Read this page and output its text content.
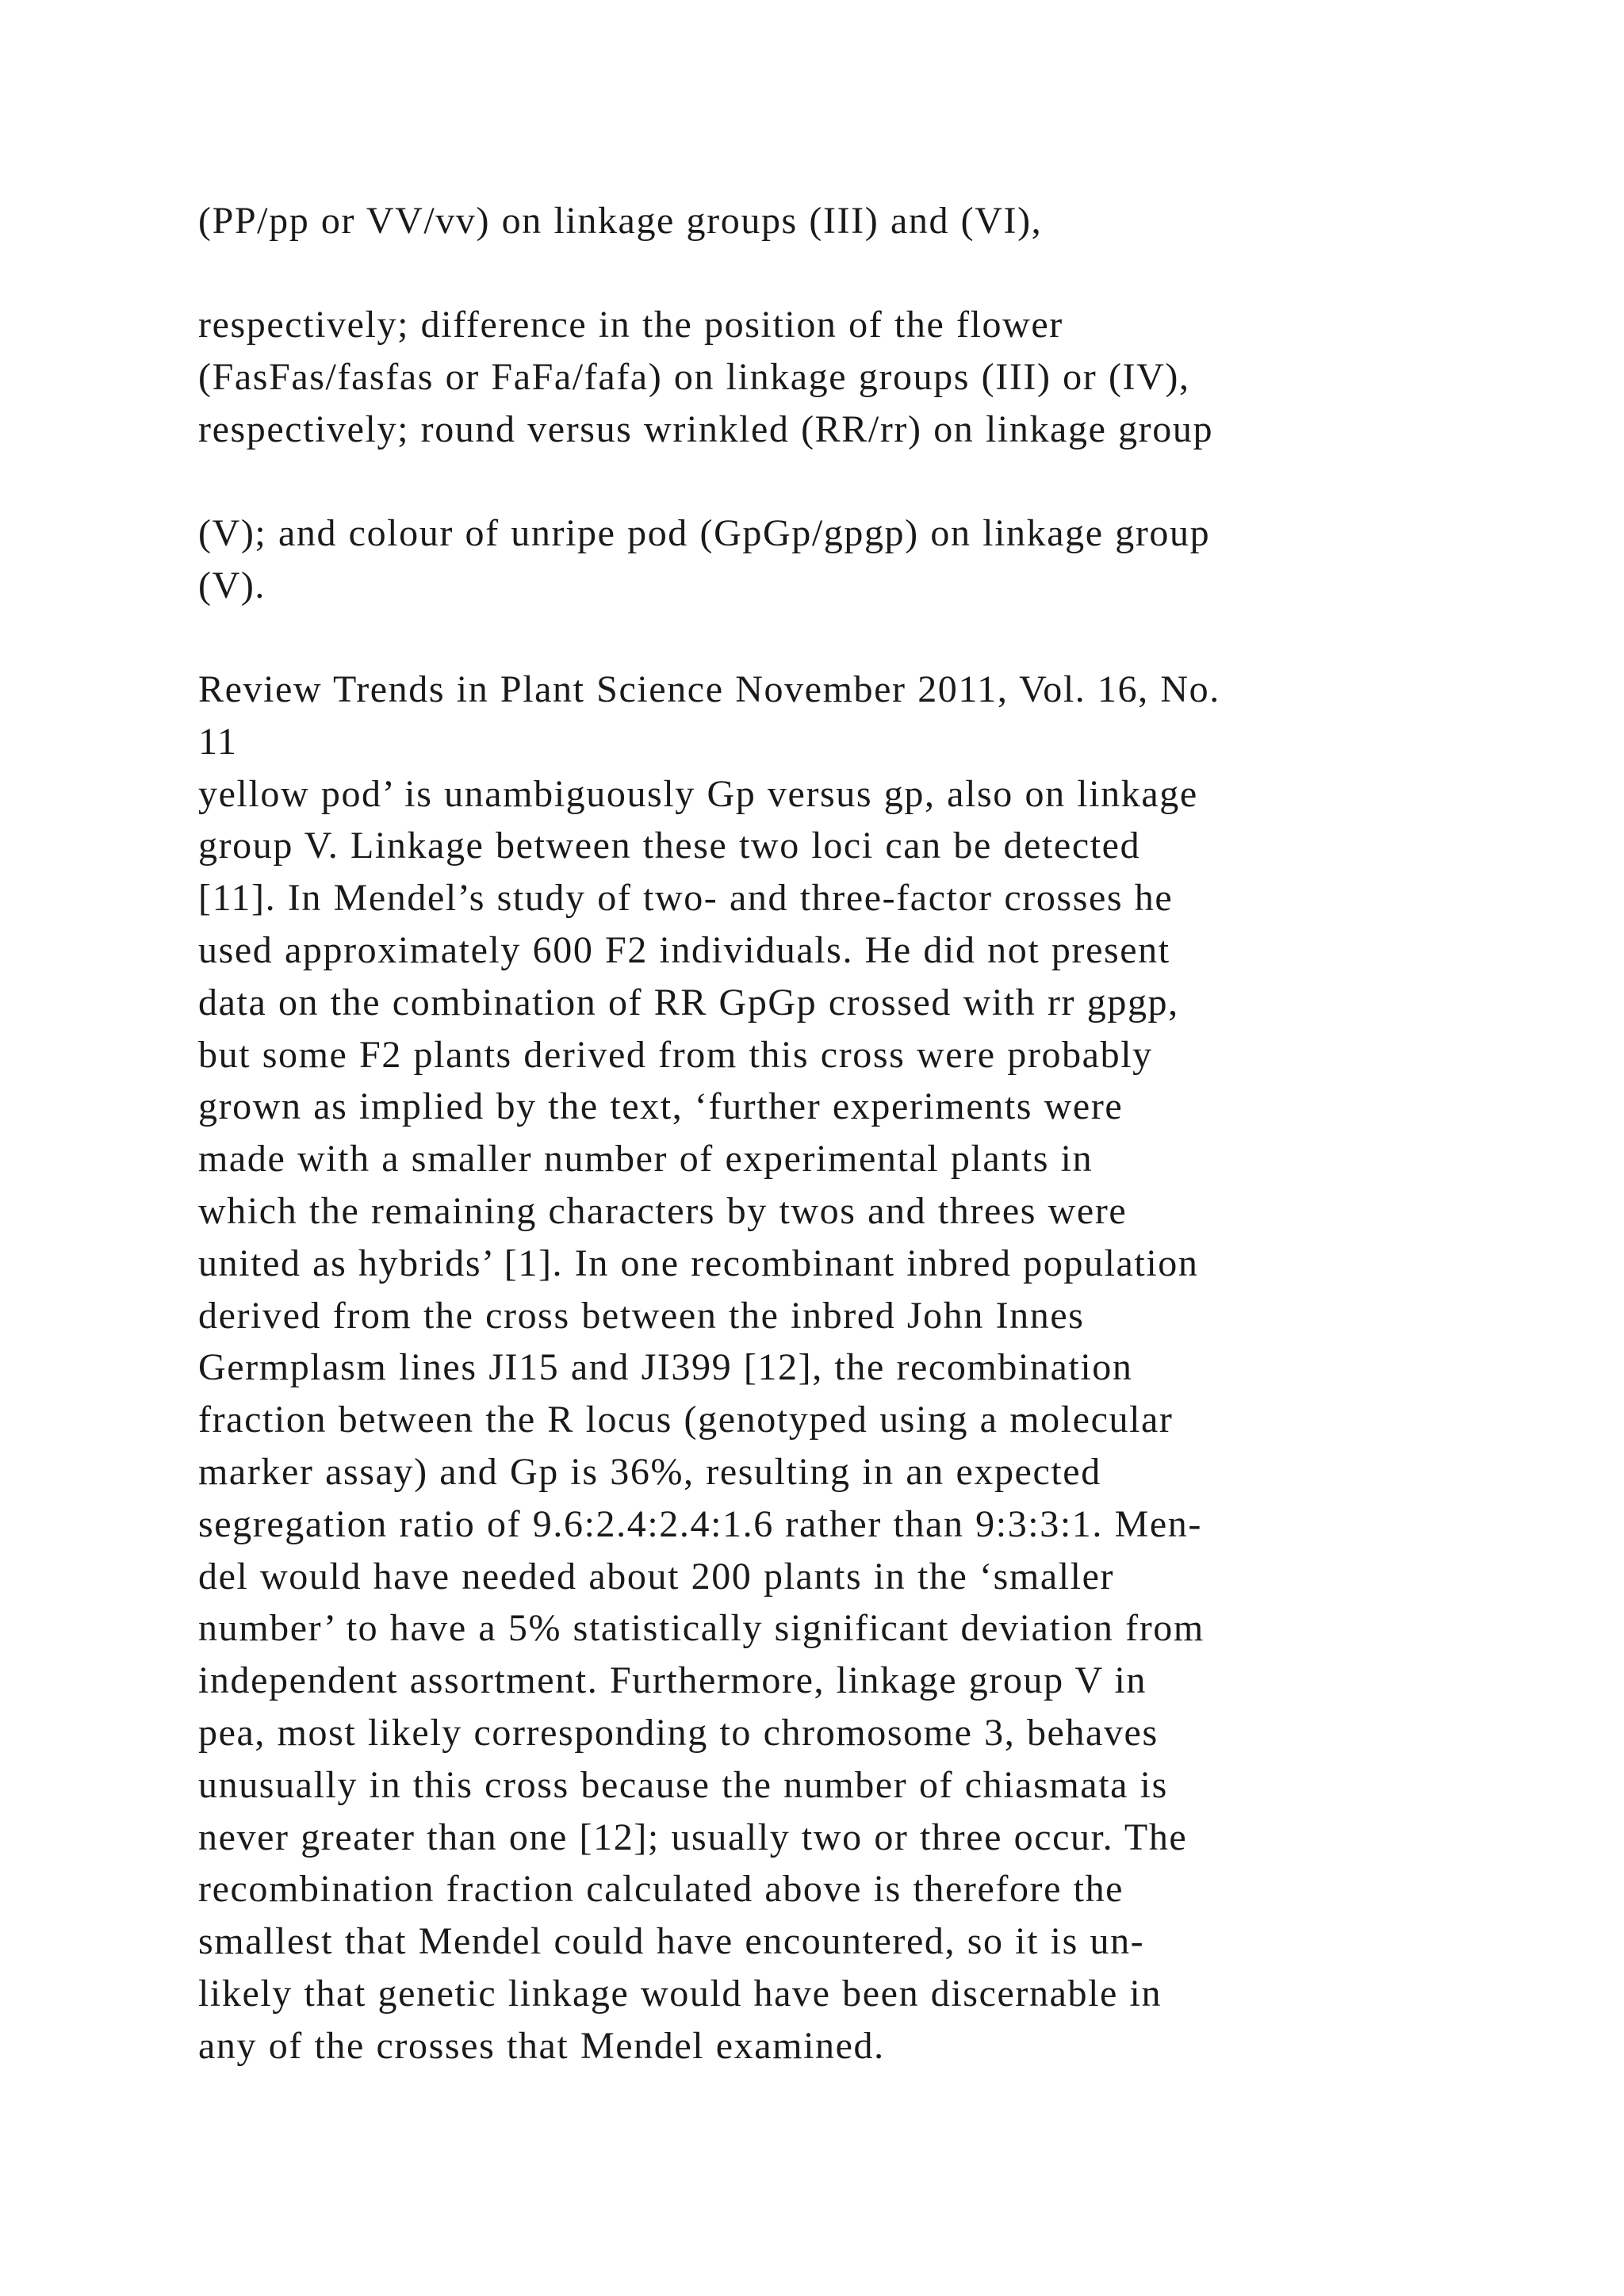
(PP/pp or VV/vv) on linkage groups (III) and (VI),

respectively; difference in the position of the flower
(FasFas/fasfas or FaFa/fafa) on linkage groups (III) or (IV),
respectively; round versus wrinkled (RR/rr) on linkage group

(V); and colour of unripe pod (GpGp/gpgp) on linkage group
(V).

Review Trends in Plant Science November 2011, Vol. 16, No.
11
yellow pod’ is unambiguously Gp versus gp, also on linkage
group V. Linkage between these two loci can be detected
[11]. In Mendel’s study of two- and three-factor crosses he
used approximately 600 F2 individuals. He did not present
data on the combination of RR GpGp crossed with rr gpgp,
but some F2 plants derived from this cross were probably
grown as implied by the text, ‘further experiments were
made with a smaller number of experimental plants in
which the remaining characters by twos and threes were
united as hybrids’ [1]. In one recombinant inbred population
derived from the cross between the inbred John Innes
Germplasm lines JI15 and JI399 [12], the recombination
fraction between the R locus (genotyped using a molecular
marker assay) and Gp is 36%, resulting in an expected
segregation ratio of 9.6:2.4:2.4:1.6 rather than 9:3:3:1. Men-
del would have needed about 200 plants in the ‘smaller
number’ to have a 5% statistically significant deviation from
independent assortment. Furthermore, linkage group V in
pea, most likely corresponding to chromosome 3, behaves
unusually in this cross because the number of chiasmata is
never greater than one [12]; usually two or three occur. The
recombination fraction calculated above is therefore the
smallest that Mendel could have encountered, so it is un-
likely that genetic linkage would have been discernable in
any of the crosses that Mendel examined.
